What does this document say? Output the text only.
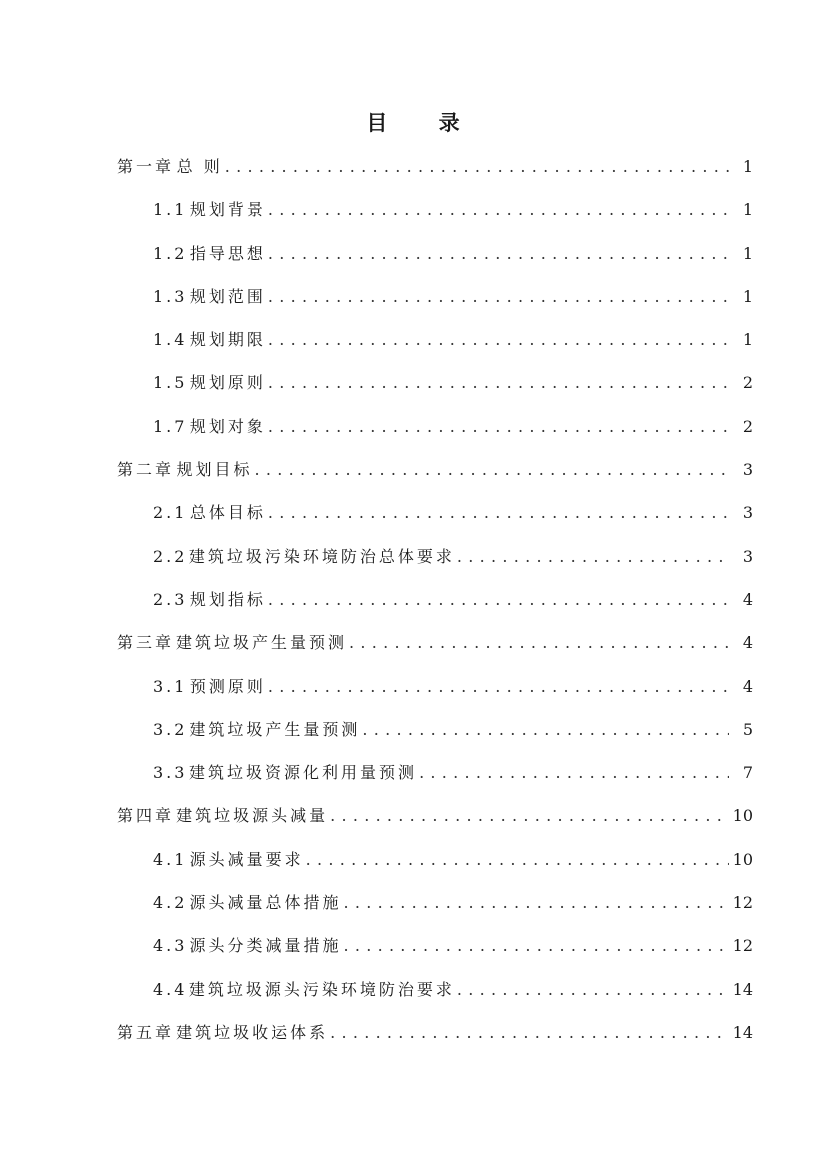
目 录
第一章 总 则 . . .	1
1.1 规划背景 . . .	1
1.2 指导思想 . . .	1
1.3 规划范围 . . .	1
1.4 规划期限 . . .	1
1.5 规划原则 . . .	2
1.7 规划对象 . . .	2
第二章 规划目标 . . .	3
2.1 总体目标 . . .	3
2.2 建筑垃圾污染环境防治总体要求 . . .	3
2.3 规划指标 . . .	4
第三章 建筑垃圾产生量预测 . . .	4
3.1 预测原则 . . .	4
3.2 建筑垃圾产生量预测 . . .	5
3.3 建筑垃圾资源化利用量预测 . . .	7
第四章 建筑垃圾源头减量 . . .	10
4.1 源头减量要求 . . .	10
4.2 源头减量总体措施 . . .	12
4.3 源头分类减量措施 . . .	12
4.4 建筑垃圾源头污染环境防治要求 . . .	14
第五章 建筑垃圾收运体系 . . .	14
